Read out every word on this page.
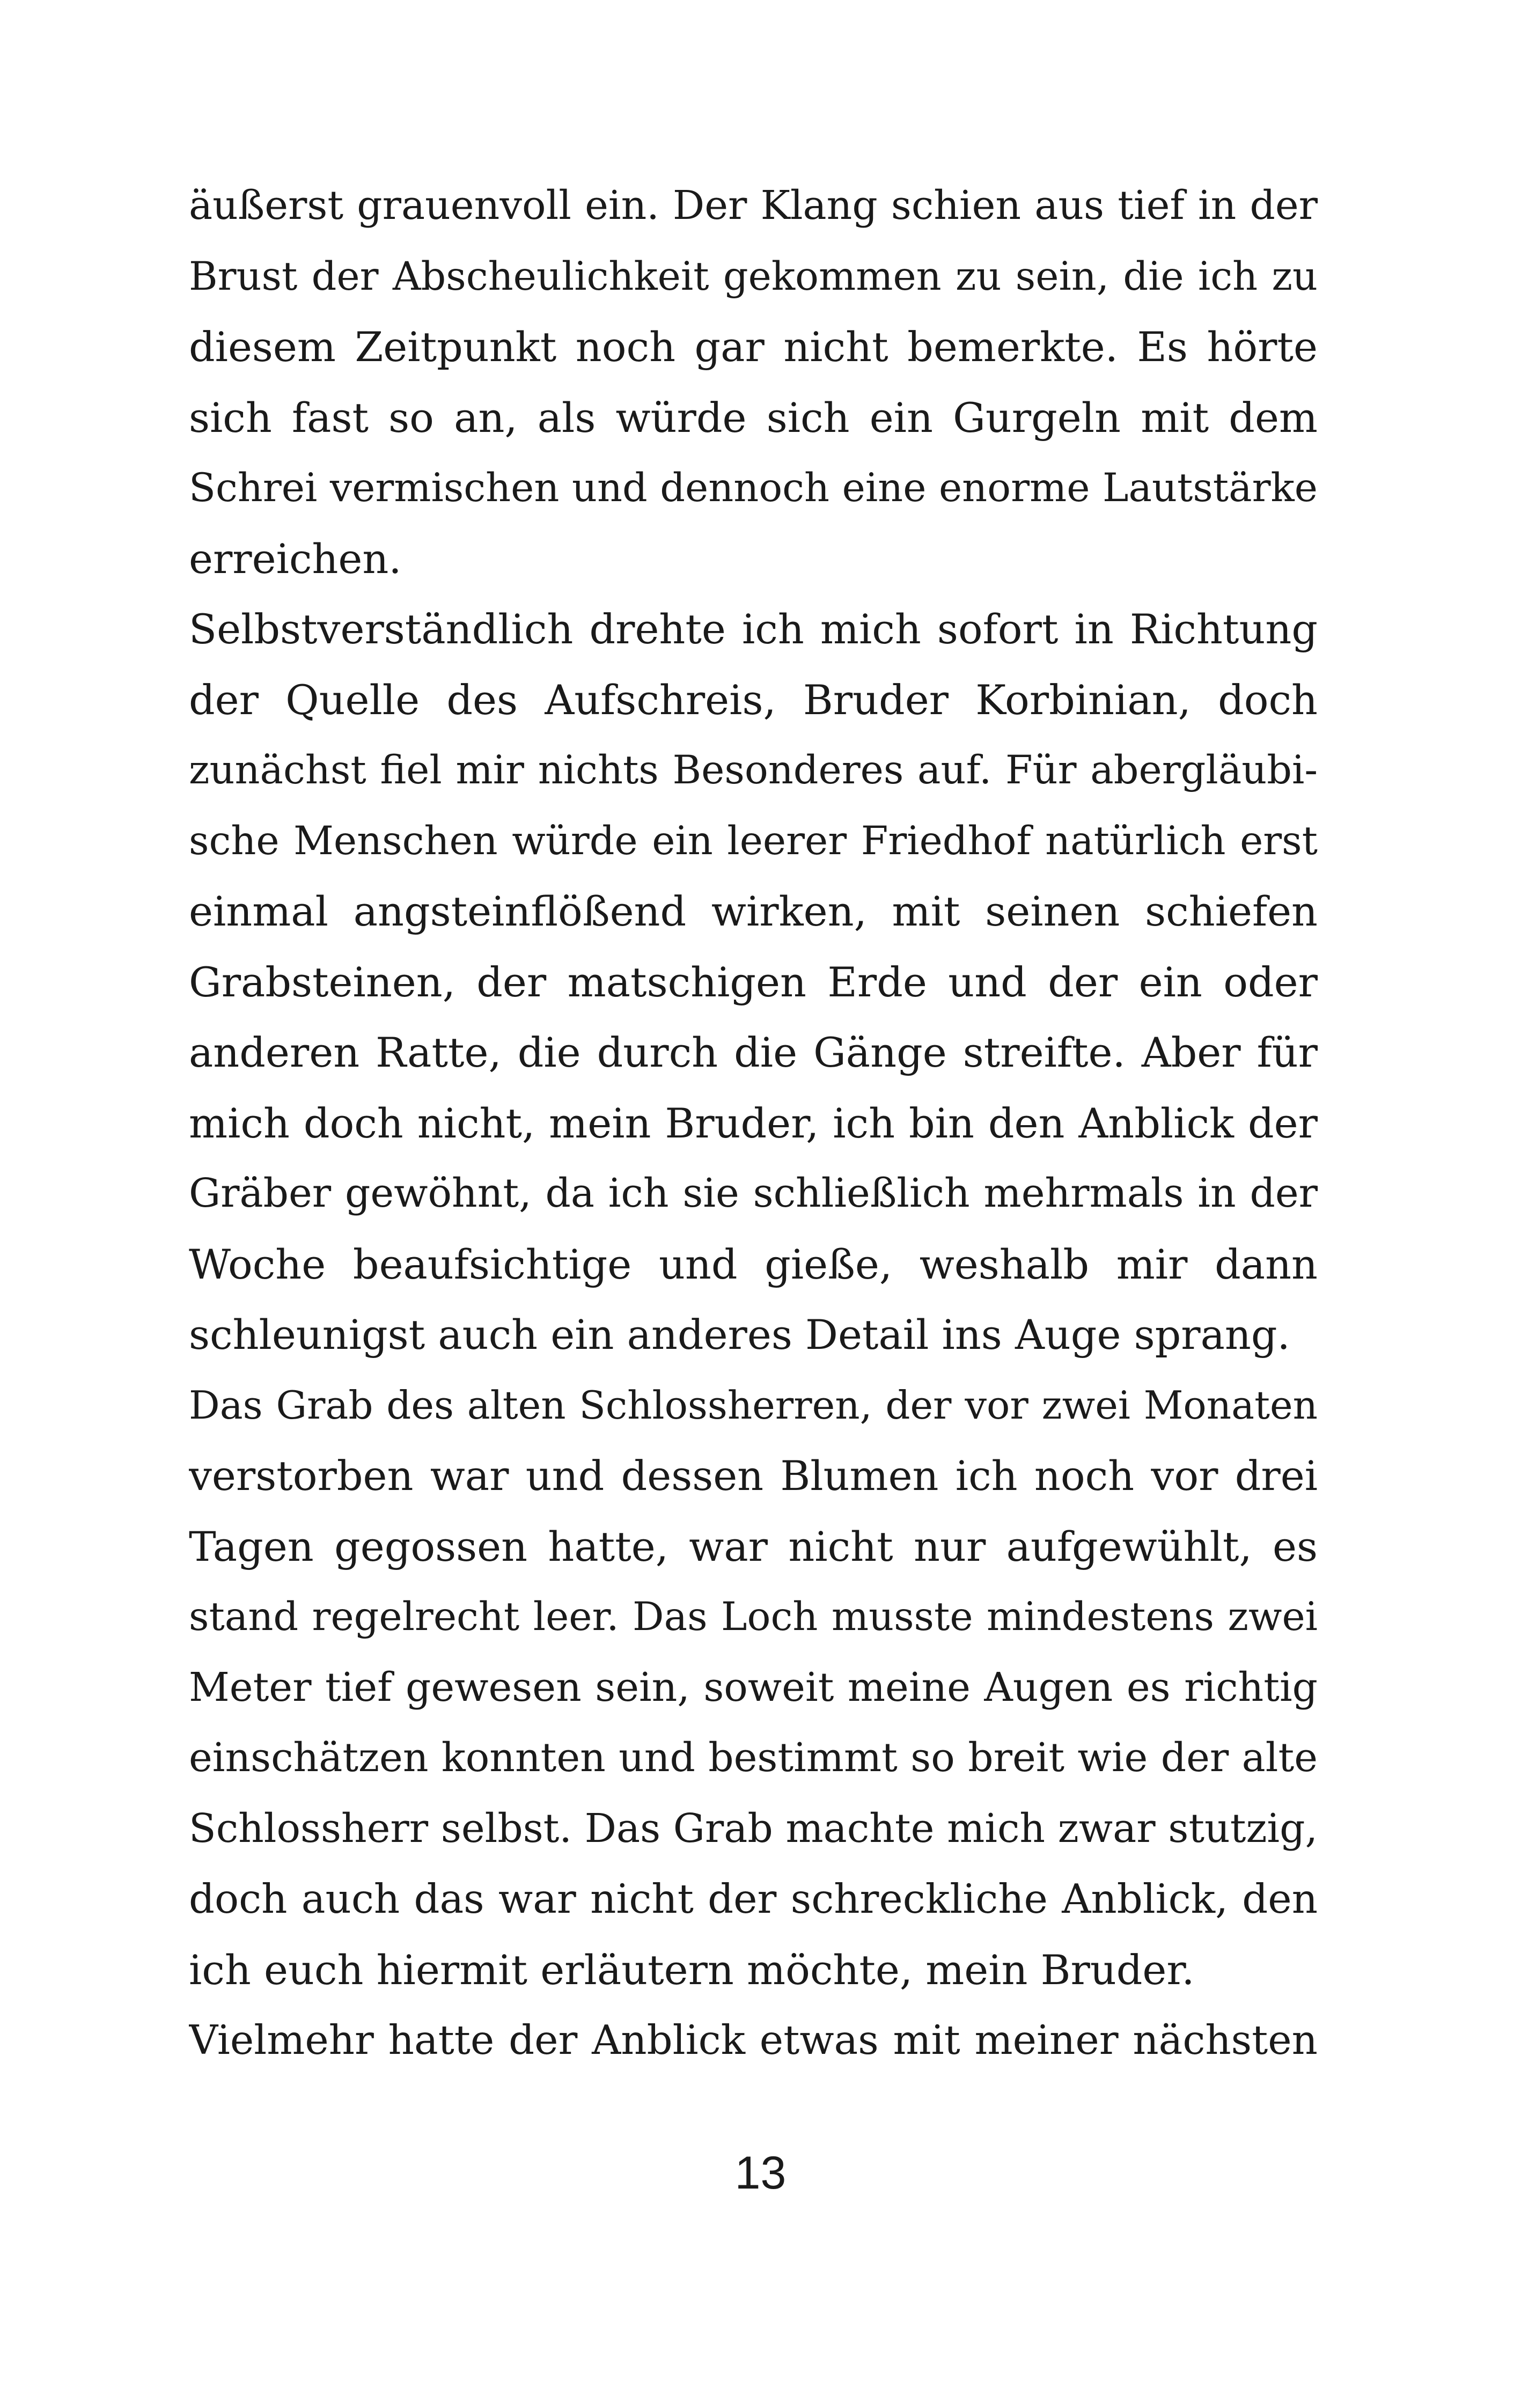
äußerst grauenvoll ein. Der Klang schien aus tief in der
Brust der Abscheulichkeit gekommen zu sein, die ich zu
diesem Zeitpunkt noch gar nicht bemerkte. Es hörte
sich fast so an, als würde sich ein Gurgeln mit dem
Schrei vermischen und dennoch eine enorme Lautstärke
erreichen.
Selbstverständlich drehte ich mich sofort in Richtung
der Quelle des Aufschreis, Bruder Korbinian, doch
zunächst fiel mir nichts Besonderes auf. Für abergläubi-
sche Menschen würde ein leerer Friedhof natürlich erst
einmal angsteinflößend wirken, mit seinen schiefen
Grabsteinen, der matschigen Erde und der ein oder
anderen Ratte, die durch die Gänge streifte. Aber für
mich doch nicht, mein Bruder, ich bin den Anblick der
Gräber gewöhnt, da ich sie schließlich mehrmals in der
Woche beaufsichtige und gieße, weshalb mir dann
schleunigst auch ein anderes Detail ins Auge sprang.
Das Grab des alten Schlossherren, der vor zwei Monaten
verstorben war und dessen Blumen ich noch vor drei
Tagen gegossen hatte, war nicht nur aufgewühlt, es
stand regelrecht leer. Das Loch musste mindestens zwei
Meter tief gewesen sein, soweit meine Augen es richtig
einschätzen konnten und bestimmt so breit wie der alte
Schlossherr selbst. Das Grab machte mich zwar stutzig,
doch auch das war nicht der schreckliche Anblick, den
ich euch hiermit erläutern möchte, mein Bruder.
Vielmehr hatte der Anblick etwas mit meiner nächsten
13
